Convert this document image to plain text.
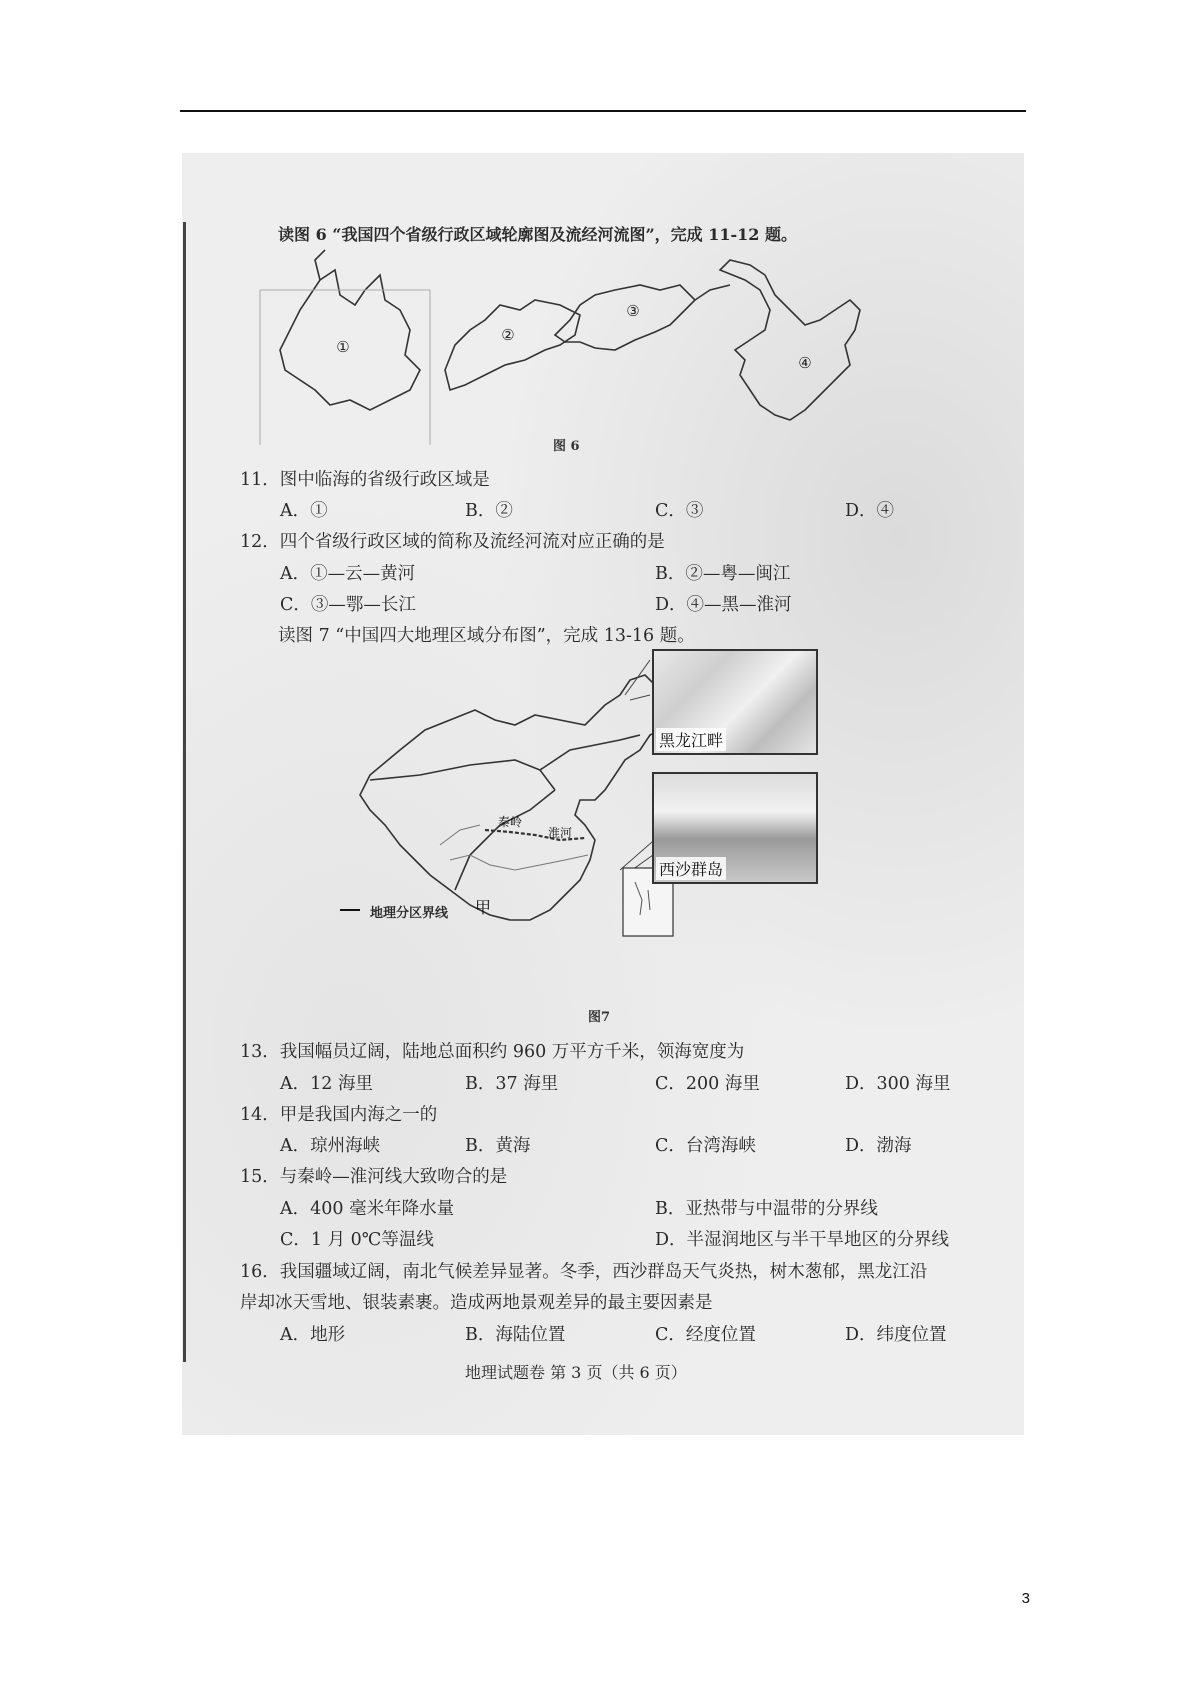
读图 6 “我国四个省级行政区域轮廓图及流经河流图”，完成 11-12 题。
①
②
③
④
图 6
11．图中临海的省级行政区域是
A．①	B．②	C．③	D．④
12．四个省级行政区域的简称及流经河流对应正确的是
A．①—云—黄河	B．②—粤—闽江
C．③—鄂—长江	D．④—黑—淮河
读图 7 “中国四大地理区域分布图”，完成 13-16 题。
秦岭
淮河
甲
地理分区界线
黑龙江畔
西沙群岛
图7
13．我国幅员辽阔，陆地总面积约 960 万平方千米，领海宽度为
A．12 海里	B．37 海里	C．200 海里	D．300 海里
14．甲是我国内海之一的
A．琼州海峡	B．黄海	C．台湾海峡	D．渤海
15．与秦岭—淮河线大致吻合的是
A．400 毫米年降水量	B．亚热带与中温带的分界线
C．1 月 0℃等温线	D．半湿润地区与半干旱地区的分界线
16．我国疆域辽阔，南北气候差异显著。冬季，西沙群岛天气炎热，树木葱郁，黑龙江沿
岸却冰天雪地、银装素裹。造成两地景观差异的最主要因素是
A．地形	B．海陆位置	C．经度位置	D．纬度位置
地理试题卷 第 3 页（共 6 页）
3
